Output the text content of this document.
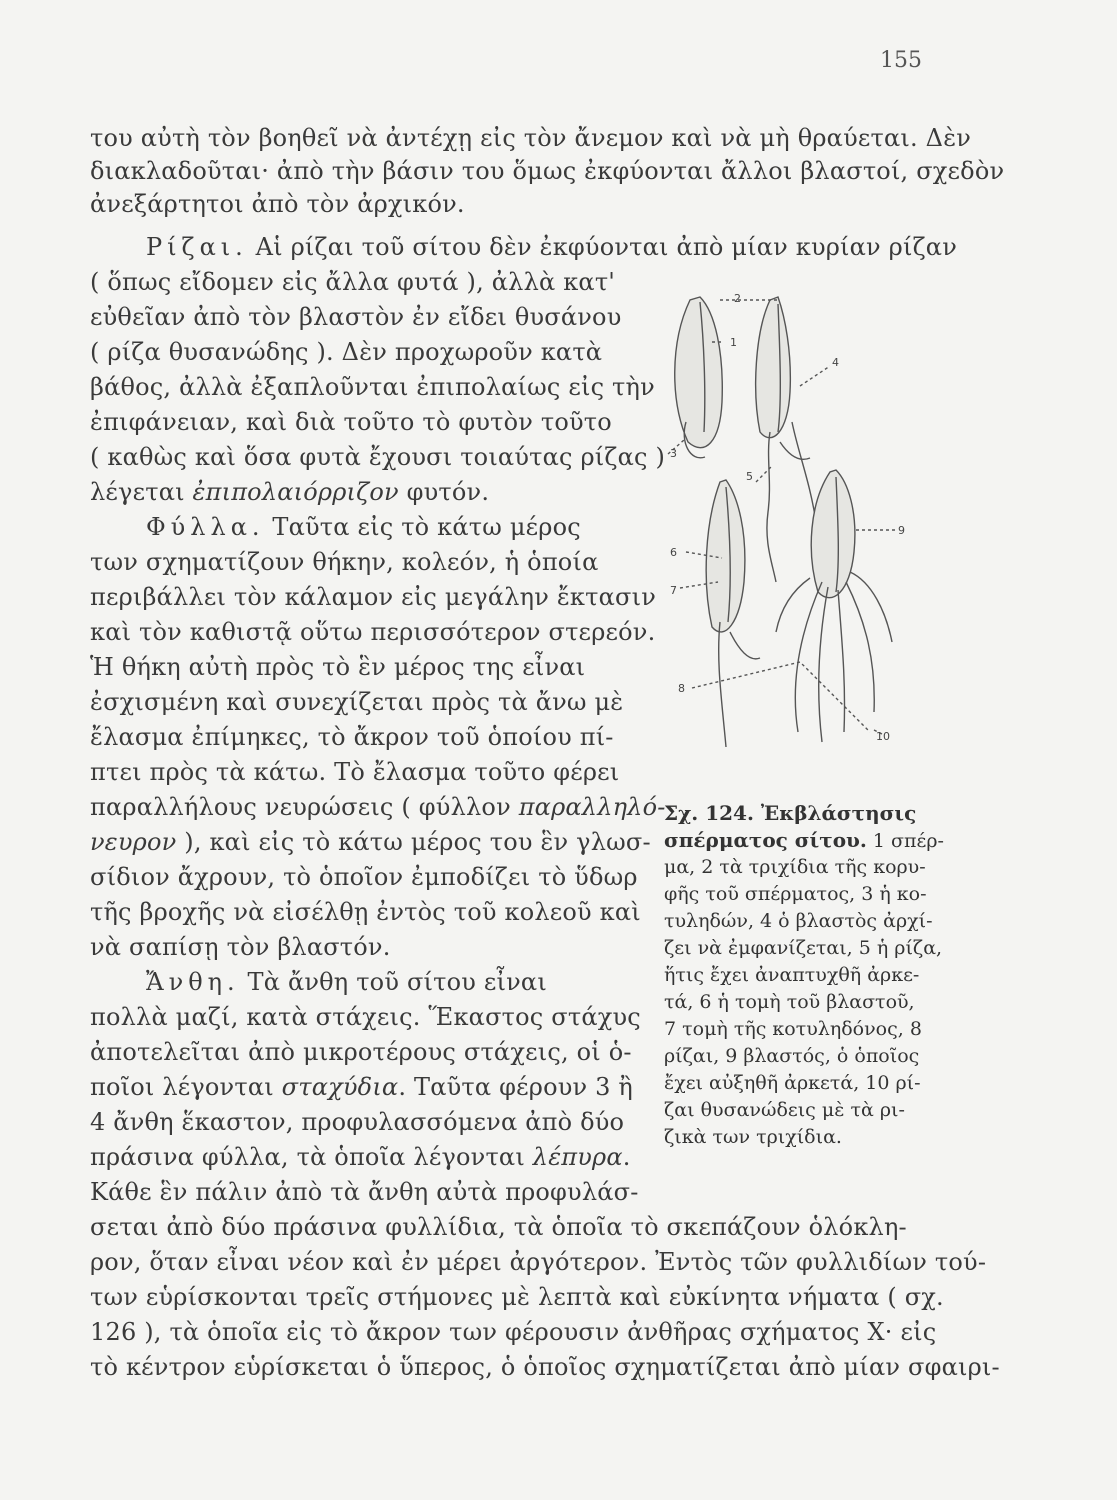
155
του αὐτὴ τὸν βοηθεῖ νὰ ἀντέχῃ εἰς τὸν ἄνεμον καὶ νὰ μὴ θραύεται. Δὲν
διακλαδοῦται· ἀπὸ τὴν βάσιν του ὅμως ἐκφύονται ἄλλοι βλαστοί, σχεδὸν
ἀνεξάρτητοι ἀπὸ τὸν ἀρχικόν.
Ρίζαι. Αἱ ρίζαι τοῦ σίτου δὲν ἐκφύονται ἀπὸ μίαν κυρίαν ρίζαν
( ὅπως εἴδομεν εἰς ἄλλα φυτά ), ἀλλὰ κατ'
εὐθεῖαν ἀπὸ τὸν βλαστὸν ἐν εἴδει θυσάνου
( ρίζα θυσανώδης ). Δὲν προχωροῦν κατὰ
βάθος, ἀλλὰ ἐξαπλοῦνται ἐπιπολαίως εἰς τὴν
ἐπιφάνειαν, καὶ διὰ τοῦτο τὸ φυτὸν τοῦτο
( καθὼς καὶ ὅσα φυτὰ ἔχουσι τοιαύτας ρίζας )
λέγεται ἐπιπολαιόρριζον φυτόν.
Φύλλα. Ταῦτα εἰς τὸ κάτω μέρος
των σχηματίζουν θήκην, κολεόν, ἡ ὁποία
περιβάλλει τὸν κάλαμον εἰς μεγάλην ἔκτασιν
καὶ τὸν καθιστᾷ οὕτω περισσότερον στερεόν.
Ἡ θήκη αὐτὴ πρὸς τὸ ἓν μέρος της εἶναι
ἐσχισμένη καὶ συνεχίζεται πρὸς τὰ ἄνω μὲ
ἔλασμα ἐπίμηκες, τὸ ἄκρον τοῦ ὁποίου πί-
πτει πρὸς τὰ κάτω. Τὸ ἔλασμα τοῦτο φέρει
παραλλήλους νευρώσεις ( φύλλον παραλληλό-
νευρον ), καὶ εἰς τὸ κάτω μέρος του ἓν γλωσ-
σίδιον ἄχρουν, τὸ ὁποῖον ἐμποδίζει τὸ ὕδωρ
τῆς βροχῆς νὰ εἰσέλθῃ ἐντὸς τοῦ κολεοῦ καὶ
νὰ σαπίσῃ τὸν βλαστόν.
Ἄνθη. Τὰ ἄνθη τοῦ σίτου εἶναι
πολλὰ μαζί, κατὰ στάχεις. Ἕκαστος στάχυς
ἀποτελεῖται ἀπὸ μικροτέρους στάχεις, οἱ ὁ-
ποῖοι λέγονται σταχύδια. Ταῦτα φέρουν 3 ἢ
4 ἄνθη ἕκαστον, προφυλασσόμενα ἀπὸ δύο
πράσινα φύλλα, τὰ ὁποῖα λέγονται λέπυρα.
Κάθε ἓν πάλιν ἀπὸ τὰ ἄνθη αὐτὰ προφυλάσ-
σεται ἀπὸ δύο πράσινα φυλλίδια, τὰ ὁποῖα τὸ σκεπάζουν ὁλόκλη-
ρον, ὅταν εἶναι νέον καὶ ἐν μέρει ἀργότερον. Ἐντὸς τῶν φυλλιδίων τού-
των εὑρίσκονται τρεῖς στήμονες μὲ λεπτὰ καὶ εὐκίνητα νήματα ( σχ.
126 ), τὰ ὁποῖα εἰς τὸ ἄκρον των φέρουσιν ἀνθῆρας σχήματος Χ· εἰς
τὸ κέντρον εὑρίσκεται ὁ ὕπερος, ὁ ὁποῖος σχηματίζεται ἀπὸ μίαν σφαιρι-
3
1
2
4
5
6
7
8
9
10
Σχ. 124. Ἐκβλάστησις
σπέρματος σίτου. 1 σπέρ-
μα, 2 τὰ τριχίδια τῆς κορυ-
φῆς τοῦ σπέρματος, 3 ἡ κο-
τυληδών, 4 ὁ βλαστὸς ἀρχί-
ζει νὰ ἐμφανίζεται, 5 ἡ ρίζα,
ἥτις ἔχει ἀναπτυχθῆ ἀρκε-
τά, 6 ἡ τομὴ τοῦ βλαστοῦ,
7 τομὴ τῆς κοτυληδόνος, 8
ρίζαι, 9 βλαστός, ὁ ὁποῖος
ἔχει αὐξηθῆ ἀρκετά, 10 ρί-
ζαι θυσανώδεις μὲ τὰ ρι-
ζικὰ των τριχίδια.
